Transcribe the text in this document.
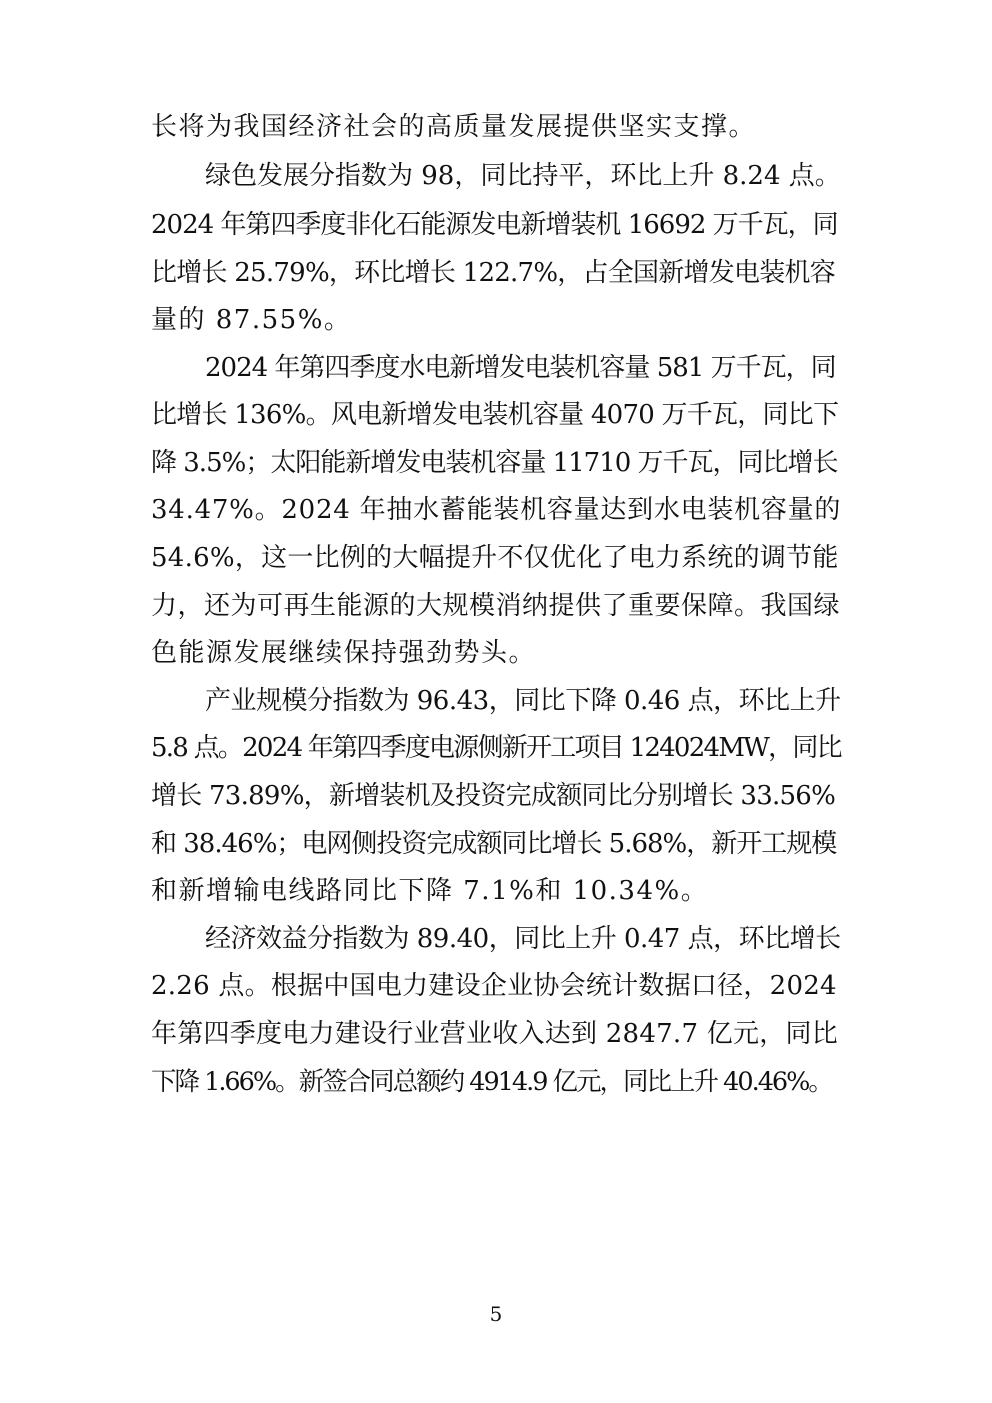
长将为我国经济社会的高质量发展提供坚实支撑。
绿色发展分指数为 98，同比持平，环比上升 8.24 点。
2024 年第四季度非化石能源发电新增装机 16692 万千瓦，同
比增长 25.79%，环比增长 122.7%，占全国新增发电装机容
量的 87.55%。
2024 年第四季度水电新增发电装机容量 581 万千瓦，同
比增长 136%。风电新增发电装机容量 4070 万千瓦，同比下
降 3.5%；太阳能新增发电装机容量 11710 万千瓦，同比增长
34.47%。2024 年抽水蓄能装机容量达到水电装机容量的
54.6%，这一比例的大幅提升不仅优化了电力系统的调节能
力，还为可再生能源的大规模消纳提供了重要保障。我国绿
色能源发展继续保持强劲势头。
产业规模分指数为 96.43，同比下降 0.46 点，环比上升
5.8 点。2024 年第四季度电源侧新开工项目 124024MW，同比
增长 73.89%，新增装机及投资完成额同比分别增长 33.56%
和 38.46%；电网侧投资完成额同比增长 5.68%，新开工规模
和新增输电线路同比下降 7.1%和 10.34%。
经济效益分指数为 89.40，同比上升 0.47 点，环比增长
2.26 点。根据中国电力建设企业协会统计数据口径，2024
年第四季度电力建设行业营业收入达到 2847.7 亿元，同比
下降 1.66%。新签合同总额约 4914.9 亿元，同比上升 40.46%。
5
